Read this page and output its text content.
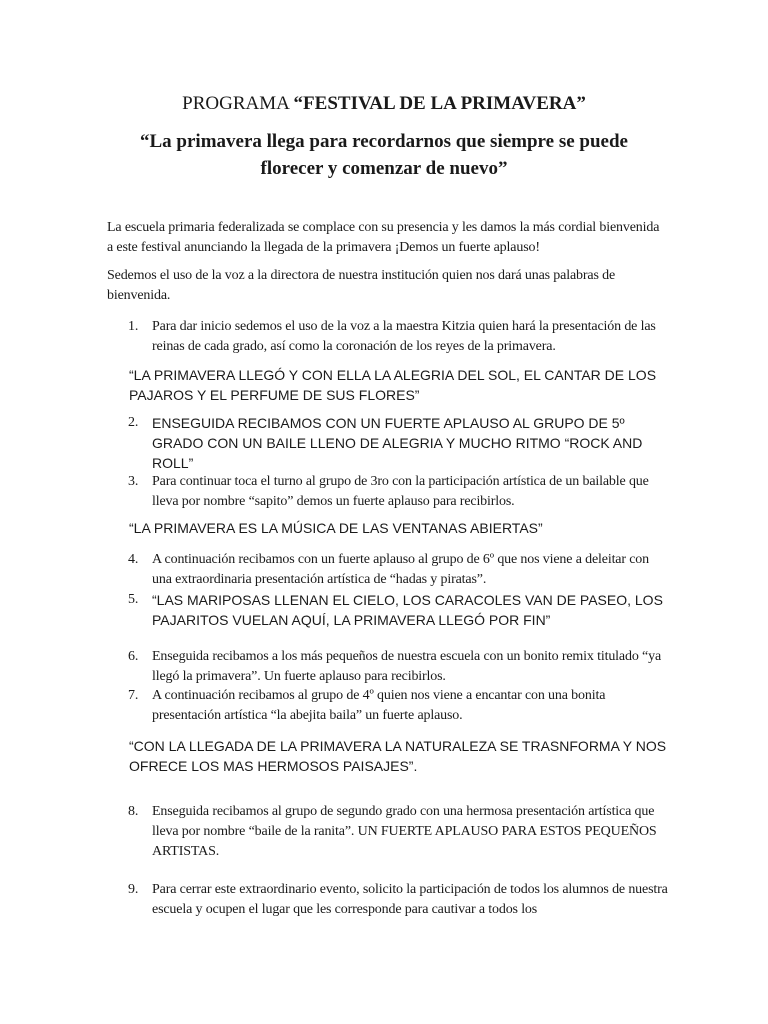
PROGRAMA “FESTIVAL DE LA PRIMAVERA”

“La primavera llega para recordarnos que siempre se puede florecer y comenzar de nuevo”

La escuela primaria federalizada se complace con su presencia y les damos la más cordial bienvenida a este festival anunciando la llegada de la primavera ¡Demos un fuerte aplauso!

Sedemos el uso de la voz a la directora de nuestra institución quien nos dará unas palabras de bienvenida.

1. Para dar inicio sedemos el uso de la voz a la maestra Kitzia quien hará la presentación de las reinas de cada grado, así como la coronación de los reyes de la primavera.

“LA PRIMAVERA LLEGÓ Y CON ELLA LA ALEGRIA DEL SOL, EL CANTAR DE LOS PAJAROS Y EL PERFUME DE SUS FLORES”

2. ENSEGUIDA RECIBAMOS CON UN FUERTE APLAUSO AL GRUPO DE 5º GRADO CON UN BAILE LLENO DE ALEGRIA Y MUCHO RITMO “ROCK AND ROLL”
3. Para continuar toca el turno al grupo de 3ro con la participación artística de un bailable que lleva por nombre “sapito” demos un fuerte aplauso para recibirlos.

“LA PRIMAVERA ES LA MÚSICA DE LAS VENTANAS ABIERTAS”

4. A continuación recibamos con un fuerte aplauso al grupo de 6º que nos viene a deleitar con una extraordinaria presentación artística de “hadas y piratas”.
5. “LAS MARIPOSAS LLENAN EL CIELO, LOS CARACOLES VAN DE PASEO, LOS PAJARITOS VUELAN AQUÍ, LA PRIMAVERA LLEGÓ POR FIN”
6. Enseguida recibamos a los más pequeños de nuestra escuela con un bonito remix titulado “ya llegó la primavera”. Un fuerte aplauso para recibirlos.
7. A continuación recibamos al grupo de 4º quien nos viene a encantar con una bonita presentación artística “la abejita baila” un fuerte aplauso.

“CON LA LLEGADA DE LA PRIMAVERA LA NATURALEZA SE TRASNFORMA Y NOS OFRECE LOS MAS HERMOSOS PAISAJES”.

8. Enseguida recibamos al grupo de segundo grado con una hermosa presentación artística que lleva por nombre “baile de la ranita”. UN FUERTE APLAUSO PARA ESTOS PEQUEÑOS ARTISTAS.
9. Para cerrar este extraordinario evento, solicito la participación de todos los alumnos de nuestra escuela y ocupen el lugar que les corresponde para cautivar a todos los
